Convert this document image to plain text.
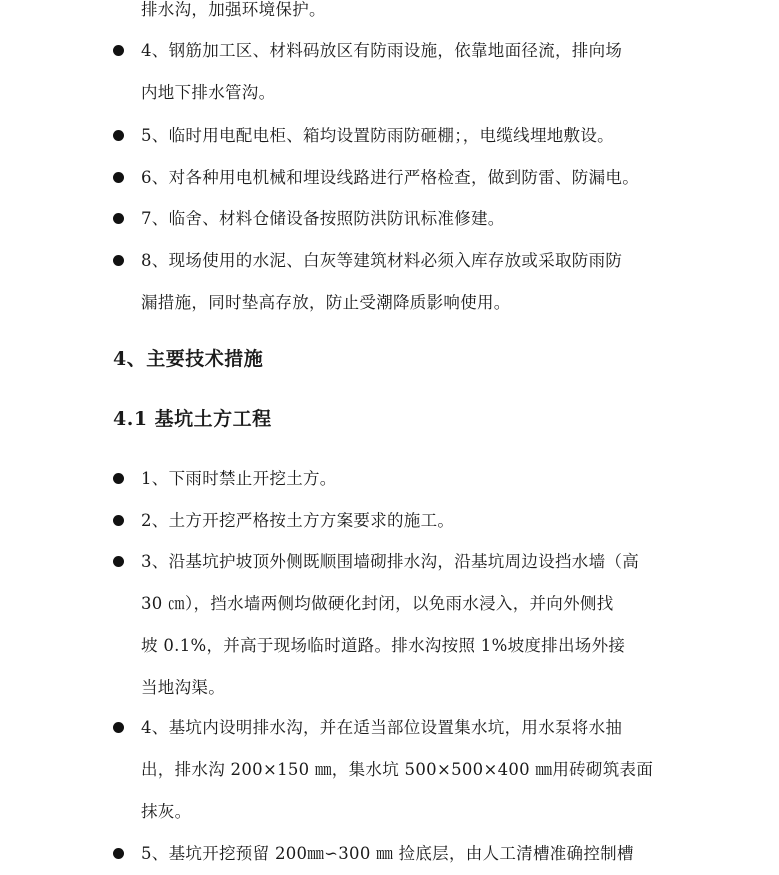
排水沟，加强环境保护。
4、钢筋加工区、材料码放区有防雨设施，依靠地面径流，排向场
内地下排水管沟。
5、临时用电配电柜、箱均设置防雨防砸棚；，电缆线埋地敷设。
6、对各种用电机械和埋设线路进行严格检查，做到防雷、防漏电。
7、临舍、材料仓储设备按照防洪防讯标准修建。
8、现场使用的水泥、白灰等建筑材料必须入库存放或采取防雨防
漏措施，同时垫高存放，防止受潮降质影响使用。
4、主要技术措施
4.1 基坑土方工程
1、下雨时禁止开挖土方。
2、土方开挖严格按土方方案要求的施工。
3、沿基坑护坡顶外侧既顺围墙砌排水沟，沿基坑周边设挡水墙（高
30 ㎝），挡水墙两侧均做硬化封闭，以免雨水浸入，并向外侧找
坡 0.1%，并高于现场临时道路。排水沟按照 1%坡度排出场外接
当地沟渠。
4、基坑内设明排水沟，并在适当部位设置集水坑，用水泵将水抽
出，排水沟 200×150 ㎜，集水坑 500×500×400 ㎜用砖砌筑表面
抹灰。
5、基坑开挖预留 200㎜∽300 ㎜ 捡底层，由人工清槽准确控制槽
